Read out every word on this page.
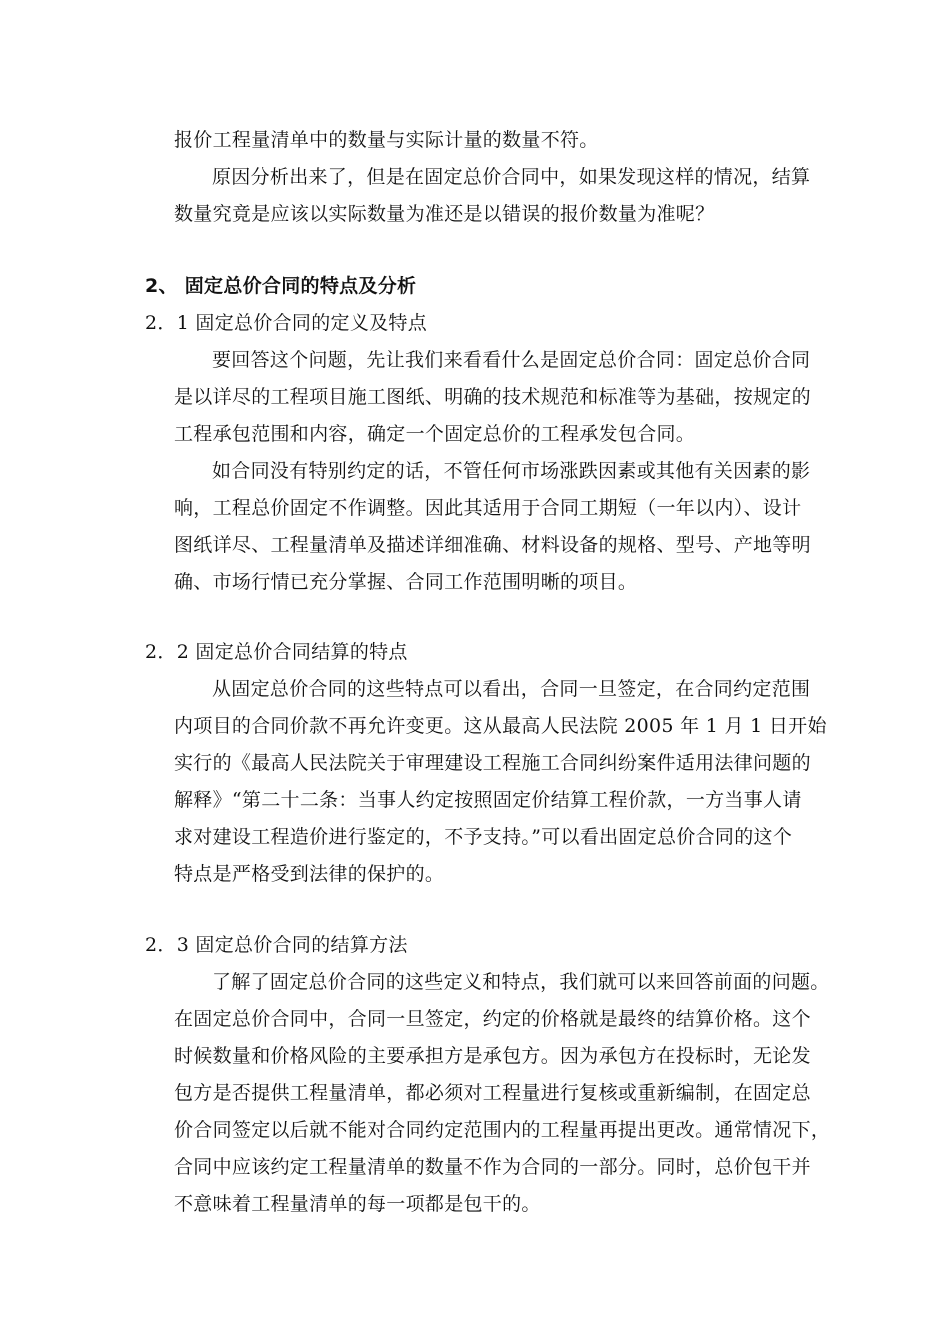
报价工程量清单中的数量与实际计量的数量不符。
原因分析出来了，但是在固定总价合同中，如果发现这样的情况，结算
数量究竟是应该以实际数量为准还是以错误的报价数量为准呢？
2、 固定总价合同的特点及分析
2．1 固定总价合同的定义及特点
要回答这个问题，先让我们来看看什么是固定总价合同：固定总价合同
是以详尽的工程项目施工图纸、明确的技术规范和标准等为基础，按规定的
工程承包范围和内容，确定一个固定总价的工程承发包合同。
如合同没有特别约定的话，不管任何市场涨跌因素或其他有关因素的影
响，工程总价固定不作调整。因此其适用于合同工期短（一年以内）、设计
图纸详尽、工程量清单及描述详细准确、材料设备的规格、型号、产地等明
确、市场行情已充分掌握、合同工作范围明晰的项目。
2．2 固定总价合同结算的特点
从固定总价合同的这些特点可以看出，合同一旦签定，在合同约定范围
内项目的合同价款不再允许变更。这从最高人民法院 2005 年 1 月 1 日开始
实行的《最高人民法院关于审理建设工程施工合同纠纷案件适用法律问题的
解释》“第二十二条：当事人约定按照固定价结算工程价款，一方当事人请
求对建设工程造价进行鉴定的，不予支持。”可以看出固定总价合同的这个
特点是严格受到法律的保护的。
2．3 固定总价合同的结算方法
了解了固定总价合同的这些定义和特点，我们就可以来回答前面的问题。
在固定总价合同中，合同一旦签定，约定的价格就是最终的结算价格。这个
时候数量和价格风险的主要承担方是承包方。因为承包方在投标时，无论发
包方是否提供工程量清单，都必须对工程量进行复核或重新编制，在固定总
价合同签定以后就不能对合同约定范围内的工程量再提出更改。通常情况下，
合同中应该约定工程量清单的数量不作为合同的一部分。同时，总价包干并
不意味着工程量清单的每一项都是包干的。
